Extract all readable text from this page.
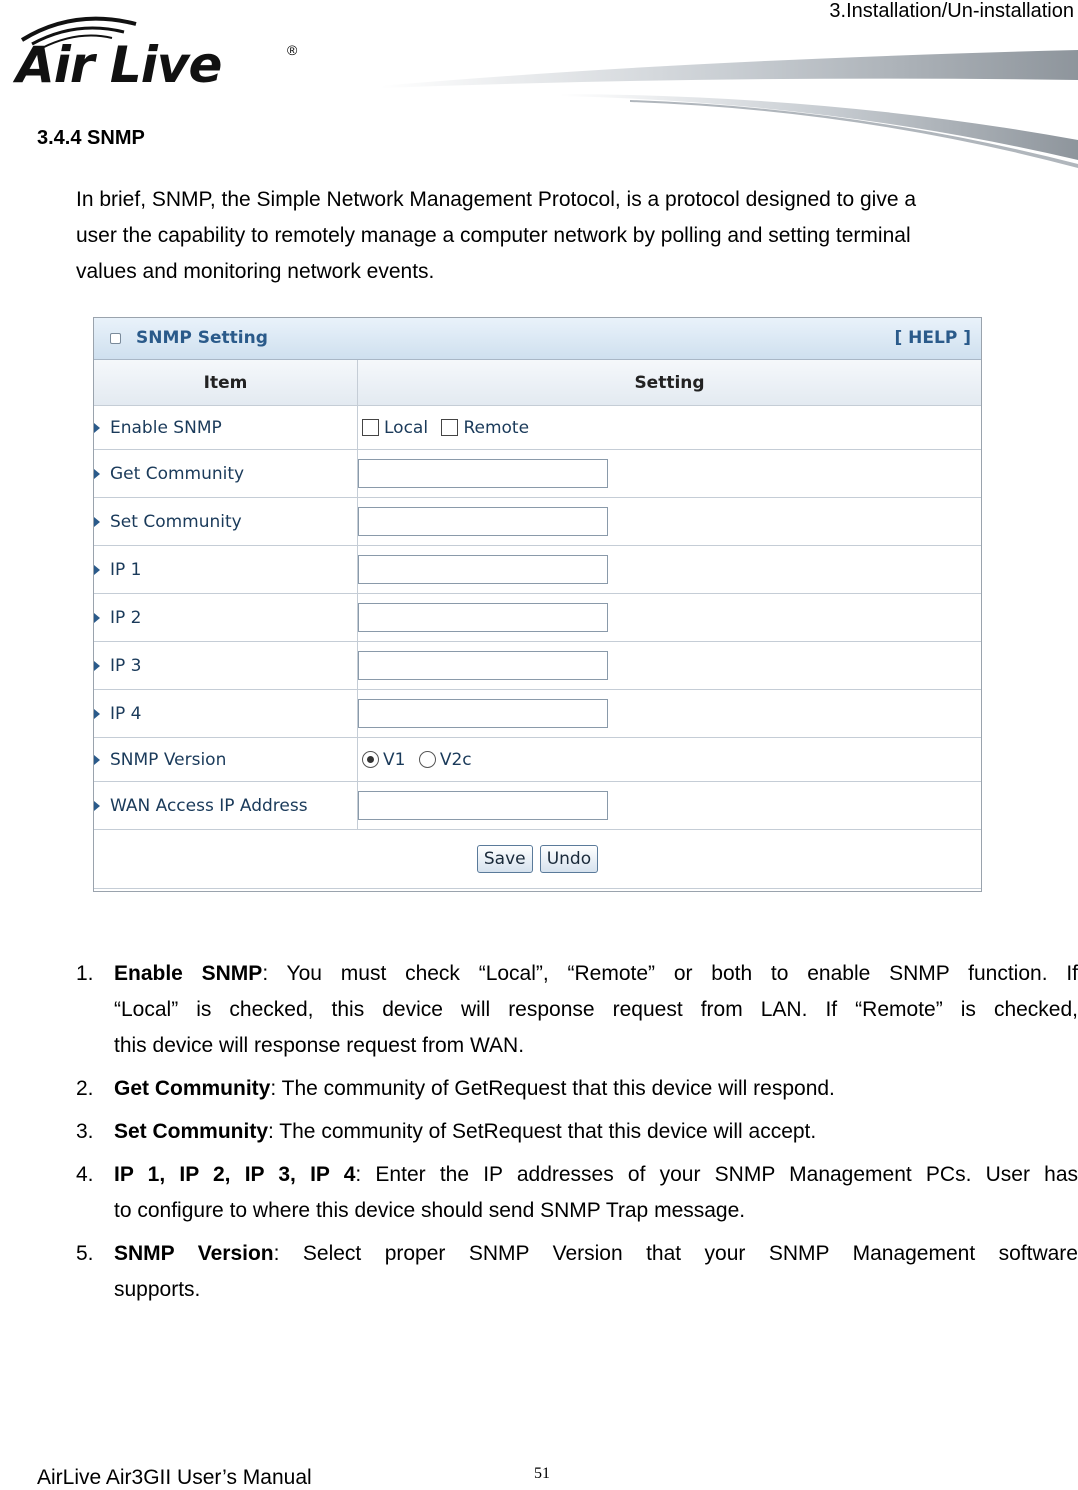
3.Installation/Un-installation
Air Live	®
3.4.4 SNMP

In brief, SNMP, the Simple Network Management Protocol, is a protocol designed to give a

user the capability to remotely manage a computer network by polling and setting terminal

values and monitoring network events.

SNMP Setting	[ HELP ]
Item	Setting
Enable SNMP	Local Remote
Get Community	
Set Community	
IP 1	
IP 2	
IP 3	
IP 4	
SNMP Version	V1 V2c
WAN Access IP Address	
Save Undo	
1. Enable SNMP: You must check “Local”, “Remote” or both to enable SNMP function. If
“Local” is checked, this device will response request from LAN. If “Remote” is checked,
this device will response request from WAN.
2. Get Community: The community of GetRequest that this device will respond.
3. Set Community: The community of SetRequest that this device will accept.
4. IP 1, IP 2, IP 3, IP 4: Enter the IP addresses of your SNMP Management PCs. User has
to configure to where this device should send SNMP Trap message.
5. SNMP Version: Select proper SNMP Version that your SNMP Management software
supports.
AirLive Air3GII User’s Manual	51
